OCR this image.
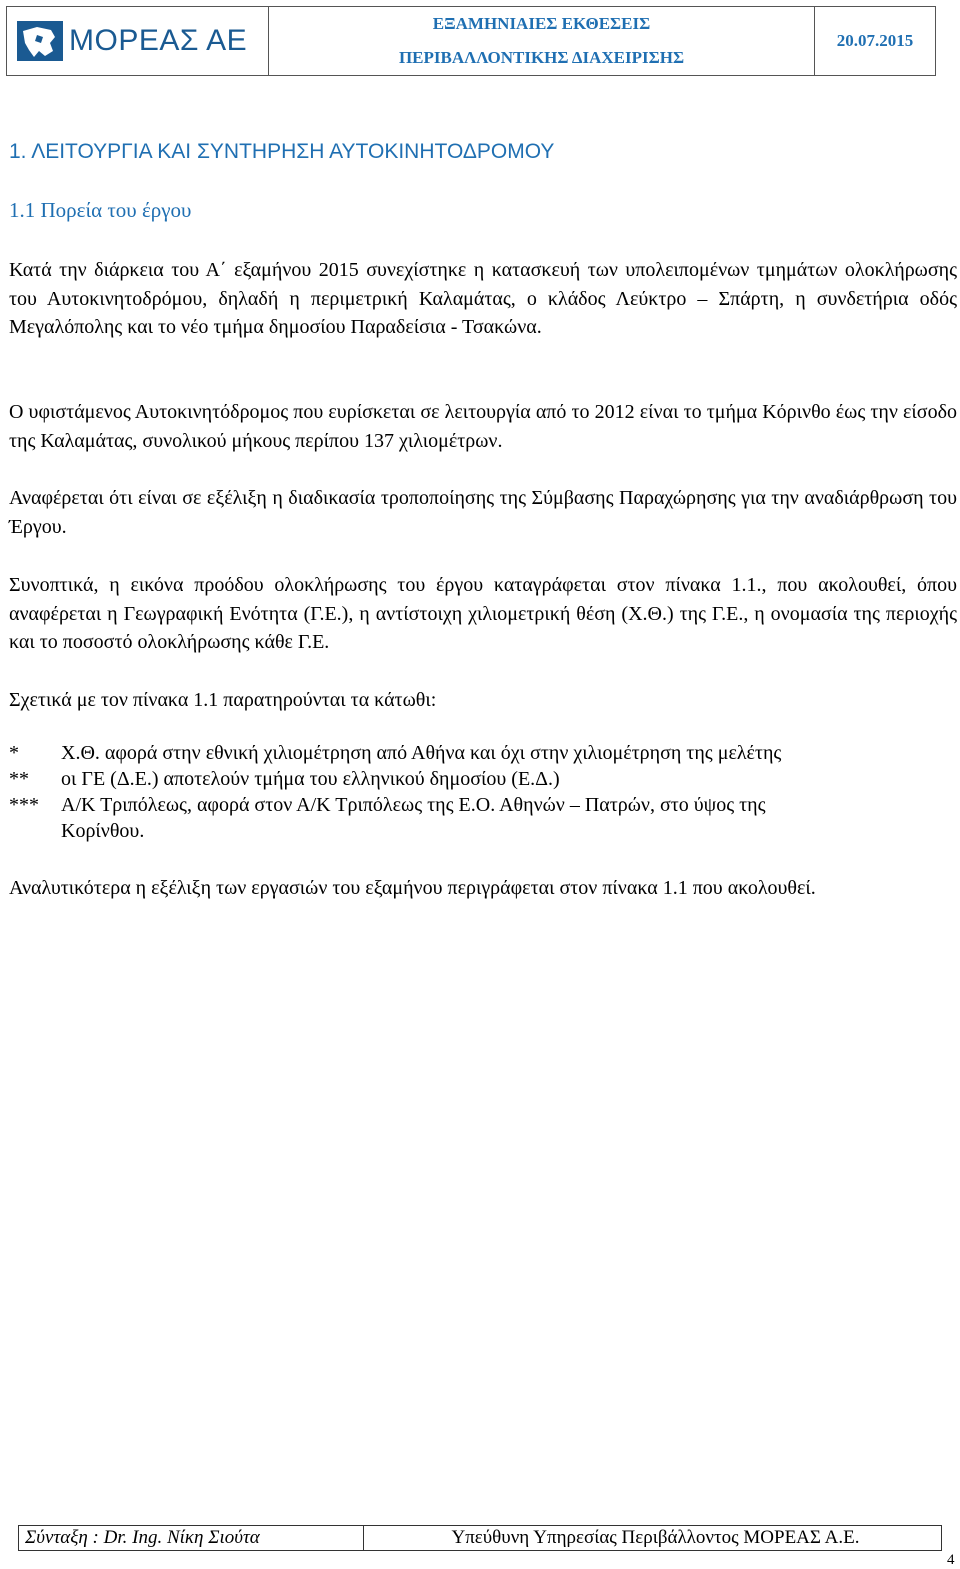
ΜΟΡΕΑΣ ΑΕ
ΕΞΑΜΗΝΙΑΙΕΣ ΕΚΘΕΣΕΙΣ
ΠΕΡΙΒΑΛΛΟΝΤΙΚΗΣ ΔΙΑΧΕΙΡΙΣΗΣ
20.07.2015
1. ΛΕΙΤΟΥΡΓΙΑ ΚΑΙ ΣΥΝΤΗΡΗΣΗ ΑΥΤΟΚΙΝΗΤΟΔΡΟΜΟΥ
1.1 Πορεία του έργου
Κατά την διάρκεια του Α΄ εξαμήνου 2015 συνεχίστηκε η κατασκευή των υπολειπομένων τμημάτων ολοκλήρωσης του Αυτοκινητοδρόμου, δηλαδή η περιμετρική Καλαμάτας, ο κλάδος Λεύκτρο – Σπάρτη, η συνδετήρια οδός Μεγαλόπολης και το νέο τμήμα δημοσίου Παραδείσια - Τσακώνα.
Ο υφιστάμενος Αυτοκινητόδρομος που ευρίσκεται σε λειτουργία από το 2012 είναι το τμήμα Κόρινθο έως την είσοδο της Καλαμάτας, συνολικού μήκους περίπου 137 χιλιομέτρων.
Αναφέρεται ότι είναι σε εξέλιξη η διαδικασία τροποποίησης της Σύμβασης Παραχώρησης για την αναδιάρθρωση του Έργου.
Συνοπτικά, η εικόνα προόδου ολοκλήρωσης του έργου καταγράφεται στον πίνακα 1.1., που ακολουθεί, όπου αναφέρεται η Γεωγραφική Ενότητα (Γ.Ε.), η αντίστοιχη χιλιομετρική θέση (Χ.Θ.) της Γ.Ε., η ονομασία της περιοχής και το ποσοστό ολοκλήρωσης κάθε Γ.Ε.
Σχετικά με τον πίνακα 1.1 παρατηρούνται τα κάτωθι:
* Χ.Θ. αφορά στην εθνική χιλιομέτρηση από Αθήνα και όχι στην χιλιομέτρηση της μελέτης
** οι ΓΕ (Δ.Ε.) αποτελούν τμήμα του ελληνικού δημοσίου (Ε.Δ.)
*** Α/Κ Τριπόλεως, αφορά στον Α/Κ Τριπόλεως της Ε.Ο. Αθηνών – Πατρών, στο ύψος της
Κορίνθου.
Αναλυτικότερα η εξέλιξη των εργασιών του εξαμήνου περιγράφεται στον πίνακα 1.1 που ακολουθεί.
Σύνταξη : Dr. Ing. Νίκη Σιούτα	Υπεύθυνη Υπηρεσίας Περιβάλλοντος ΜΟΡΕΑΣ Α.Ε.
4
